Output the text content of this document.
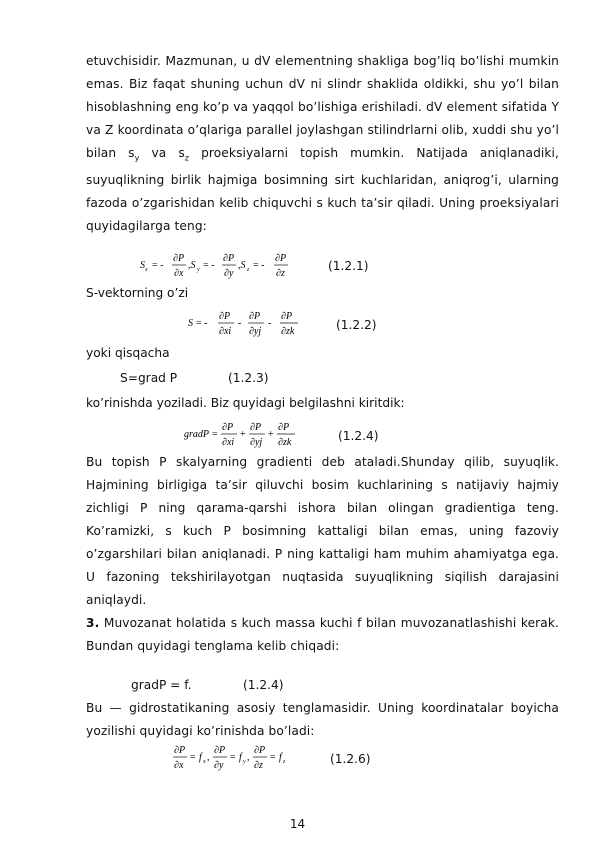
etuvchisidir. Mazmunan, u dV elementning shakliga bog’liq bo’lishi mumkin emas. Biz faqat shuning uchun dV ni slindr shaklida oldikki, shu yo’l bilan hisoblashning eng ko’p va yaqqol bo’lishiga erishiladi. dV element sifatida Y va Z koordinata o’qlariga parallel joylashgan stilindrlarni olib, xuddi shu yo’l bilan $s_y$ va $s_z$ proeksiyalarni topish mumkin. Natijada aniqlanadiki, suyuqlikning birlik hajmiga bosimning sirt kuchlaridan, aniqrog’i, ularning fazoda o’zgarishidan kelib chiquvchi s kuch ta’sir qiladi. Uning proeksiyalari quyidagilarga teng:

S x = -
∂P
∂x
,S y = -
∂P
∂y
,S z = -
∂P
∂z
(1.2.1)
S-vektorning o’zi
S = -
∂P
∂xi
-
∂P
∂yj
-
∂P
∂zk	(1.2.2)
yoki qisqacha
S=grad P	(1.2.3)
ko’rinishda yoziladi. Biz quyidagi belgilashni kiritdik:
gradP =
∂P
∂xi
+
∂P
∂yj
+
∂P
∂zk	(1.2.4)

Bu topish P skalyarning gradienti deb ataladi.Shunday qilib, suyuqlik. Hajmining birligiga ta’sir qiluvchi bosim kuchlarining s natijaviy hajmiy zichligi P ning qarama-qarshi ishora bilan olingan gradientiga teng. Ko’ramizki, s kuch P bosimning kattaligi bilan emas, uning fazoviy o’zgarshilari bilan aniqlanadi. P ning kattaligi ham muhim ahamiyatga ega. U fazoning tekshirilayotgan nuqtasida suyuqlikning siqilish darajasini aniqlaydi.

3. Muvozanat holatida s kuch massa kuchi f bilan muvozanatlashishi kerak. Bundan quyidagi tenglama kelib chiqadi:

gradP = f.	(1.2.4)

Bu — gidrostatikaning asosiy tenglamasidir. Uning koordinatalar boyicha yozilishi quyidagi ko’rinishda bo’ladi:

∂P
∂x
= f x ,
∂P
∂y
= f y ,
∂P
∂z
= f z	(1.2.6)
14
